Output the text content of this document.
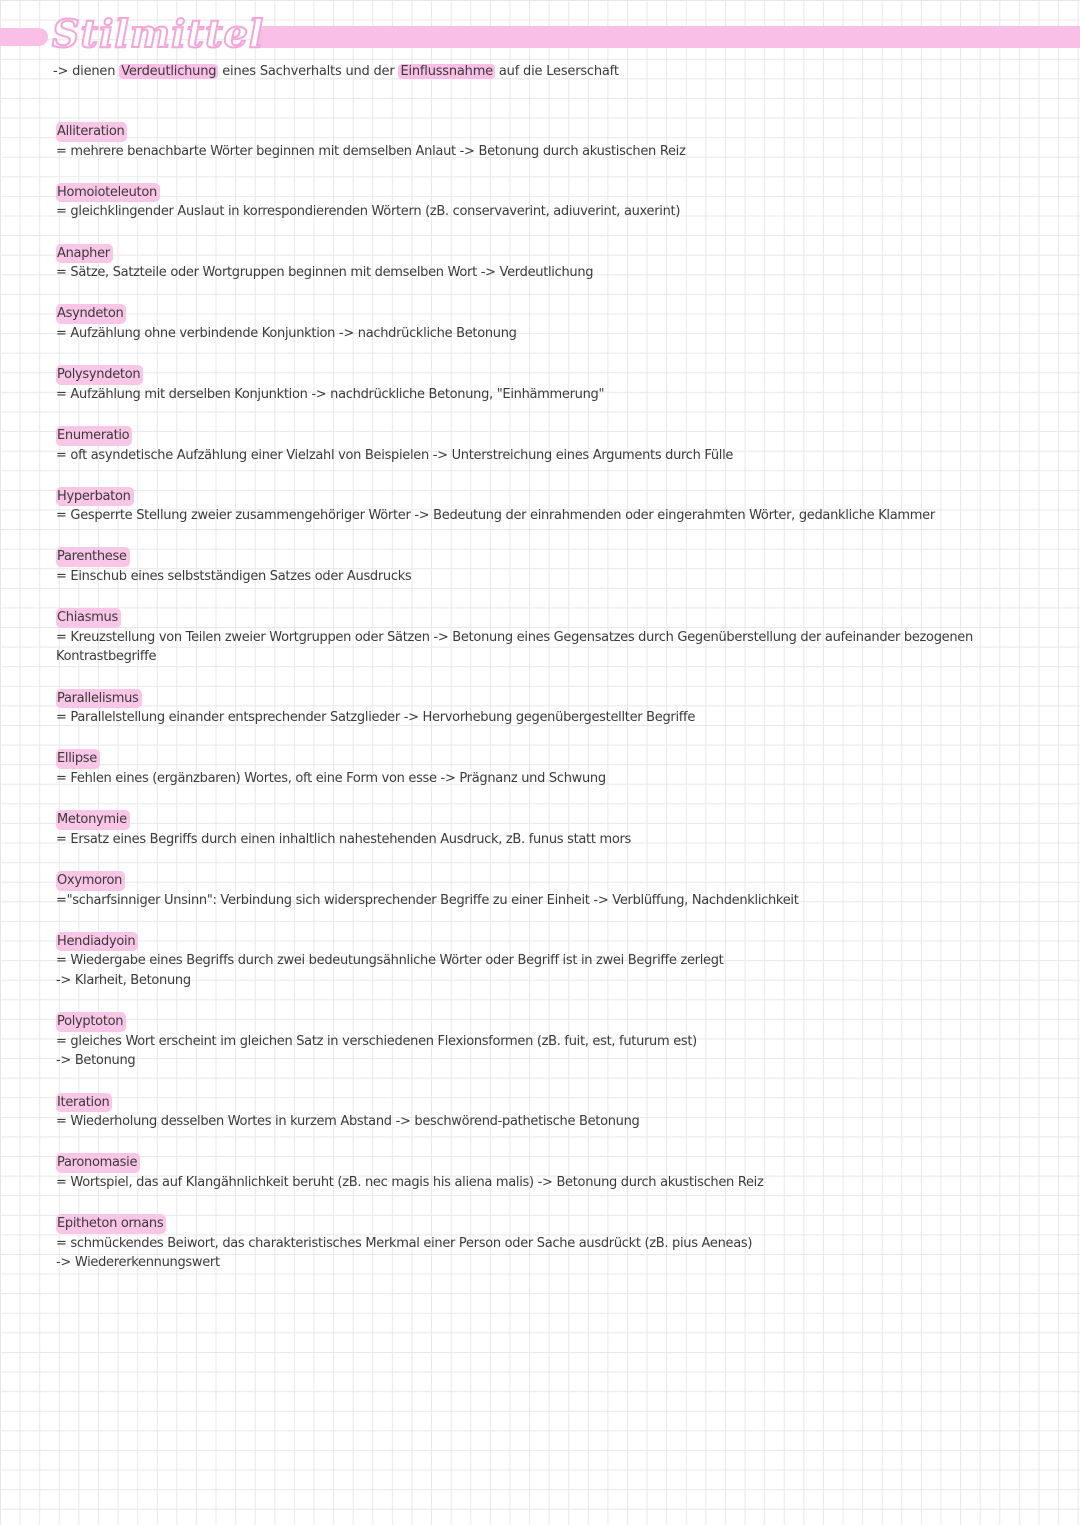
Stilmittel
-> dienen Verdeutlichung eines Sachverhalts und der Einflussnahme auf die Leserschaft
Alliteration
= mehrere benachbarte Wörter beginnen mit demselben Anlaut -> Betonung durch akustischen Reiz
Homoioteleuton
= gleichklingender Auslaut in korrespondierenden Wörtern (zB. conservaverint, adiuverint, auxerint)
Anapher
= Sätze, Satzteile oder Wortgruppen beginnen mit demselben Wort -> Verdeutlichung
Asyndeton
= Aufzählung ohne verbindende Konjunktion -> nachdrückliche Betonung
Polysyndeton
= Aufzählung mit derselben Konjunktion -> nachdrückliche Betonung, "Einhämmerung"
Enumeratio
= oft asyndetische Aufzählung einer Vielzahl von Beispielen -> Unterstreichung eines Arguments durch Fülle
Hyperbaton
= Gesperrte Stellung zweier zusammengehöriger Wörter -> Bedeutung der einrahmenden oder eingerahmten Wörter, gedankliche Klammer
Parenthese
= Einschub eines selbstständigen Satzes oder Ausdrucks
Chiasmus
= Kreuzstellung von Teilen zweier Wortgruppen oder Sätzen -> Betonung eines Gegensatzes durch Gegenüberstellung der aufeinander bezogenen
Kontrastbegriffe
Parallelismus
= Parallelstellung einander entsprechender Satzglieder -> Hervorhebung gegenübergestellter Begriffe
Ellipse
= Fehlen eines (ergänzbaren) Wortes, oft eine Form von esse -> Prägnanz und Schwung
Metonymie
= Ersatz eines Begriffs durch einen inhaltlich nahestehenden Ausdruck, zB. funus statt mors
Oxymoron
="scharfsinniger Unsinn": Verbindung sich widersprechender Begriffe zu einer Einheit -> Verblüffung, Nachdenklichkeit
Hendiadyoin
= Wiedergabe eines Begriffs durch zwei bedeutungsähnliche Wörter oder Begriff ist in zwei Begriffe zerlegt
-> Klarheit, Betonung
Polyptoton
= gleiches Wort erscheint im gleichen Satz in verschiedenen Flexionsformen (zB. fuit, est, futurum est)
-> Betonung
Iteration
= Wiederholung desselben Wortes in kurzem Abstand -> beschwörend-pathetische Betonung
Paronomasie
= Wortspiel, das auf Klangähnlichkeit beruht (zB. nec magis his aliena malis) -> Betonung durch akustischen Reiz
Epitheton ornans
= schmückendes Beiwort, das charakteristisches Merkmal einer Person oder Sache ausdrückt (zB. pius Aeneas)
-> Wiedererkennungswert
